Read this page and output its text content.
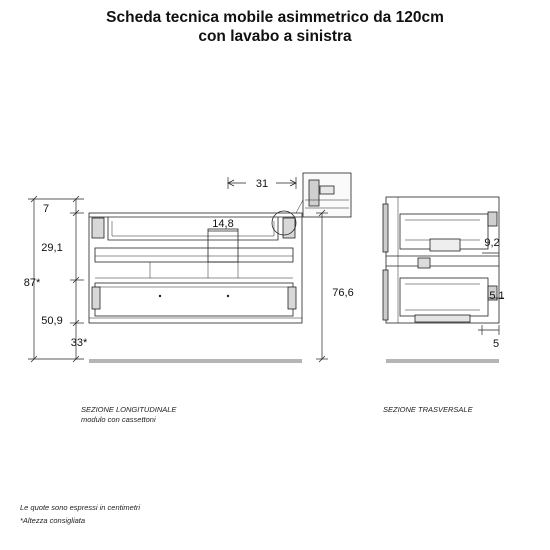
Scheda tecnica mobile asimmetrico da 120cm
con lavabo a sinistra
31
7
14,8
29,1
87*
76,6
50,9
33*
9,2
5,1
5
SEZIONE LONGITUDINALE
modulo con cassettoni
SEZIONE TRASVERSALE
Le quote sono espressi in centimetri
*Altezza consigliata
